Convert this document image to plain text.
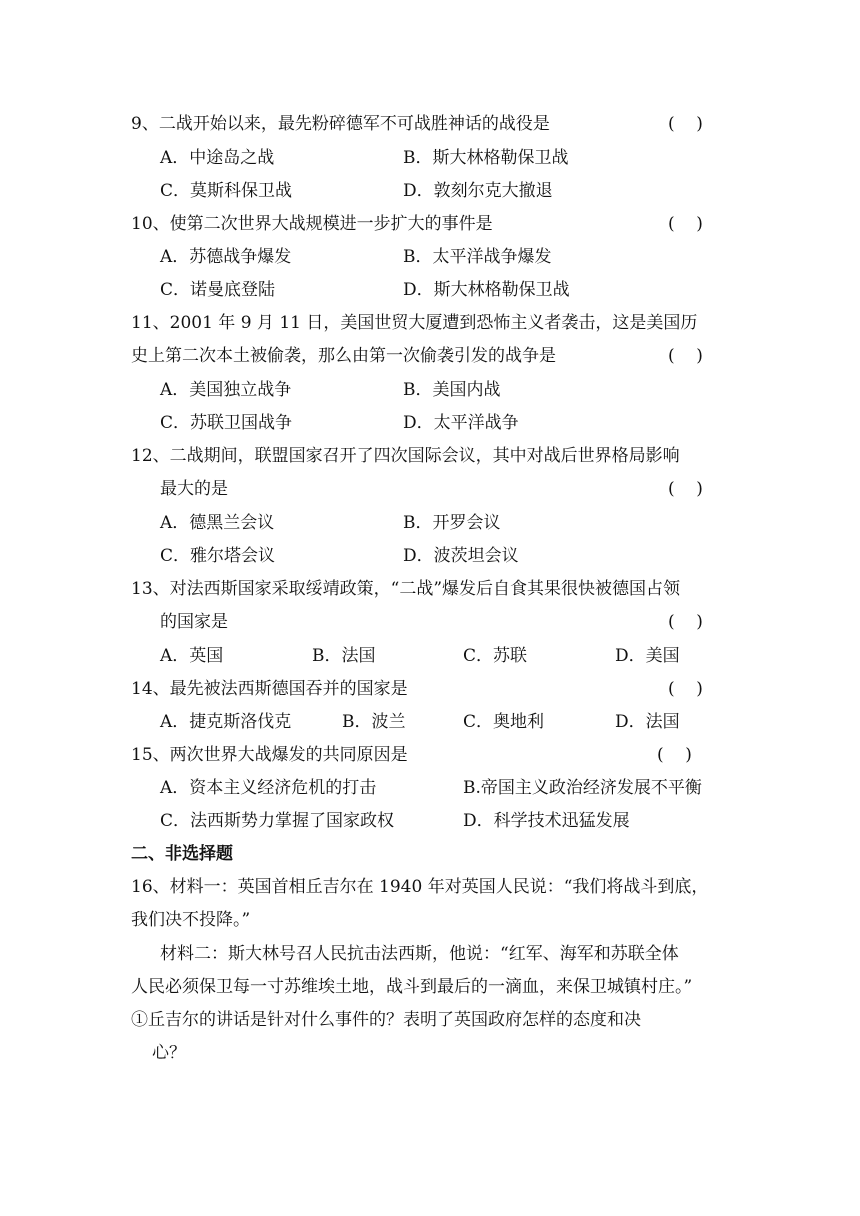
9、二战开始以来，最先粉碎德军不可战胜神话的战役是	(    )
A．中途岛之战	B．斯大林格勒保卫战
C．莫斯科保卫战	D．敦刻尔克大撤退
10、使第二次世界大战规模进一步扩大的事件是	(    )
A．苏德战争爆发	B．太平洋战争爆发
C．诺曼底登陆	D．斯大林格勒保卫战
11、2001 年 9 月 11 日，美国世贸大厦遭到恐怖主义者袭击，这是美国历
史上第二次本土被偷袭，那么由第一次偷袭引发的战争是	(    )
A．美国独立战争	B．美国内战
C．苏联卫国战争	D．太平洋战争
12、二战期间，联盟国家召开了四次国际会议，其中对战后世界格局影响
最大的是	(    )
A．德黑兰会议	B．开罗会议
C．雅尔塔会议	D．波茨坦会议
13、对法西斯国家采取绥靖政策，“二战”爆发后自食其果很快被德国占领
的国家是	(    )
A．英国	B．法国	C．苏联	D．美国
14、最先被法西斯德国吞并的国家是	(    )
A．捷克斯洛伐克	B．波兰	C．奥地利	D．法国
15、两次世界大战爆发的共同原因是	(    )
A．资本主义经济危机的打击	B.帝国主义政治经济发展不平衡
C．法西斯势力掌握了国家政权	D．科学技术迅猛发展
二、非选择题
16、材料一：英国首相丘吉尔在 1940 年对英国人民说：“我们将战斗到底，
我们决不投降。”
材料二：斯大林号召人民抗击法西斯，他说：“红军、海军和苏联全体
人民必须保卫每一寸苏维埃土地，战斗到最后的一滴血，来保卫城镇村庄。”
①丘吉尔的讲话是针对什么事件的？表明了英国政府怎样的态度和决
心？
